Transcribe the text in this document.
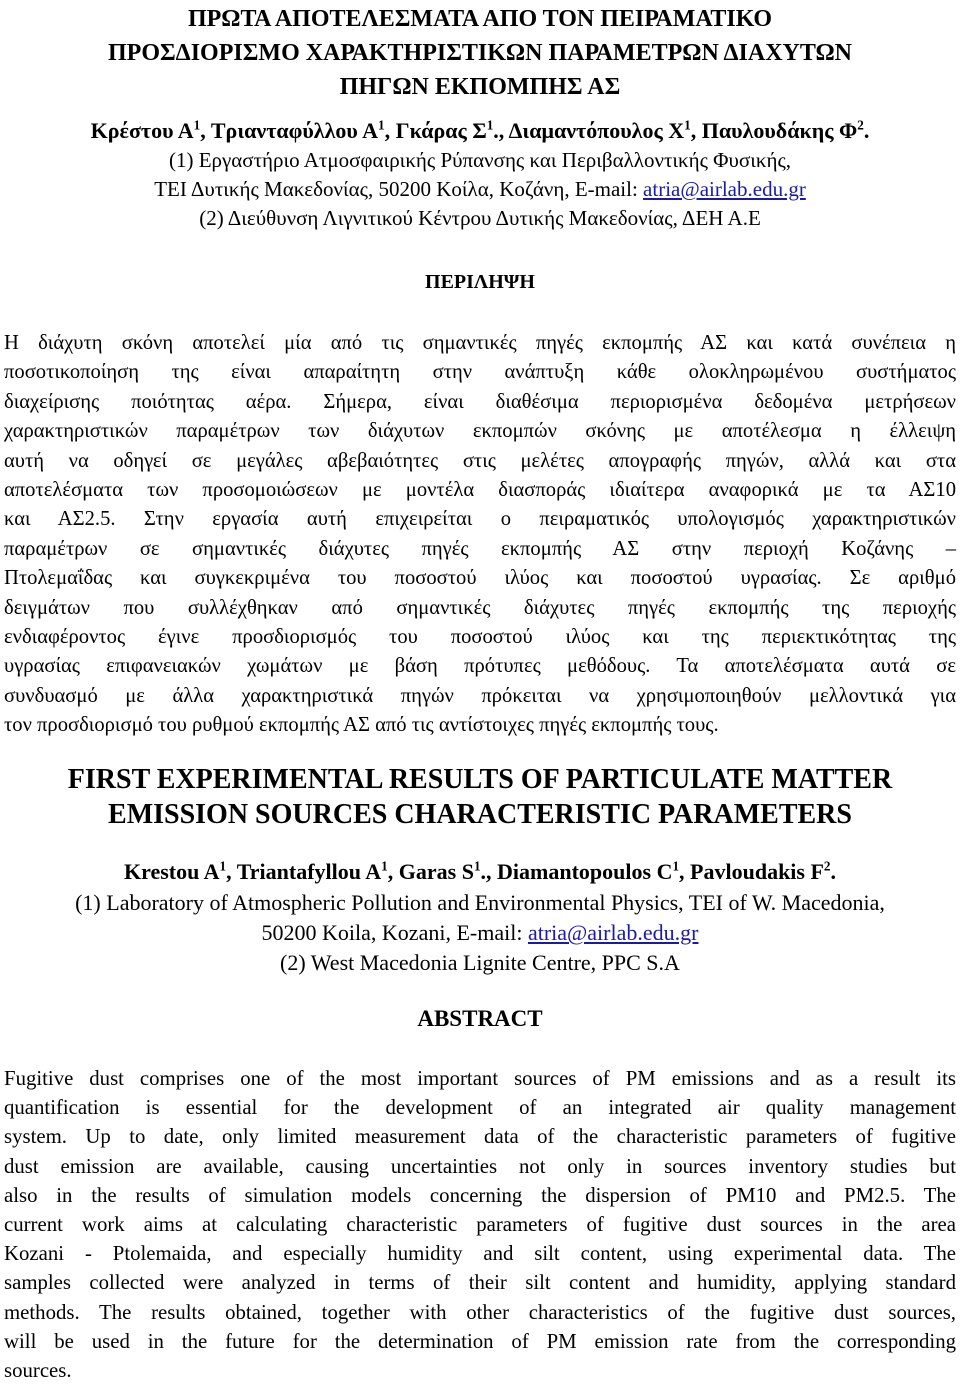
ΠΡΩΤΑ ΑΠΟΤΕΛΕΣΜΑΤΑ ΑΠΟ ΤΟΝ ΠΕΙΡΑΜΑΤΙΚΟ
ΠΡΟΣΔΙΟΡΙΣΜΟ ΧΑΡΑΚΤΗΡΙΣΤΙΚΩΝ ΠΑΡΑΜΕΤΡΩΝ ΔΙΑΧΥΤΩΝ
ΠΗΓΩΝ ΕΚΠΟΜΠΗΣ ΑΣ
Κρέστου $A^1$, Τριανταφύλλου $A^1$, Γκάρας $\Sigma^1$., Διαμαντόπουλος $X^1$, Παυλουδάκης $\Phi^2$.
(1) Εργαστήριο Ατμοσφαιρικής Ρύπανσης και Περιβαλλοντικής Φυσικής,
ΤΕΙ Δυτικής Μακεδονίας, 50200 Κοίλα, Κοζάνη, E-mail: atria@airlab.edu.gr
(2) Διεύθυνση Λιγνιτικού Κέντρου Δυτικής Μακεδονίας, ΔΕΗ Α.Ε
ΠΕΡΙΛΗΨΗ
Η διάχυτη σκόνη αποτελεί μία από τις σημαντικές πηγές εκπομπής ΑΣ και κατά συνέπεια η
ποσοτικοποίηση της είναι απαραίτητη στην ανάπτυξη κάθε ολοκληρωμένου συστήματος
διαχείρισης ποιότητας αέρα. Σήμερα, είναι διαθέσιμα περιορισμένα δεδομένα μετρήσεων
χαρακτηριστικών παραμέτρων των διάχυτων εκπομπών σκόνης με αποτέλεσμα η έλλειψη
αυτή να οδηγεί σε μεγάλες αβεβαιότητες στις μελέτες απογραφής πηγών, αλλά και στα
αποτελέσματα των προσομοιώσεων με μοντέλα διασποράς ιδιαίτερα αναφορικά με τα ΑΣ10
και ΑΣ2.5. Στην εργασία αυτή επιχειρείται ο πειραματικός υπολογισμός χαρακτηριστικών
παραμέτρων σε σημαντικές διάχυτες πηγές εκπομπής ΑΣ στην περιοχή Κοζάνης –
Πτολεμαΐδας και συγκεκριμένα του ποσοστού ιλύος και ποσοστού υγρασίας. Σε αριθμό
δειγμάτων που συλλέχθηκαν από σημαντικές διάχυτες πηγές εκπομπής της περιοχής
ενδιαφέροντος έγινε προσδιορισμός του ποσοστού ιλύος και της περιεκτικότητας της
υγρασίας επιφανειακών χωμάτων με βάση πρότυπες μεθόδους. Τα αποτελέσματα αυτά σε
συνδυασμό με άλλα χαρακτηριστικά πηγών πρόκειται να χρησιμοποιηθούν μελλοντικά για
τον προσδιορισμό του ρυθμού εκπομπής ΑΣ από τις αντίστοιχες πηγές εκπομπής τους.
FIRST EXPERIMENTAL RESULTS OF PARTICULATE MATTER
EMISSION SOURCES CHARACTERISTIC PARAMETERS
Krestou $A^1$, Triantafyllou $A^1$, Garas $S^1$., Diamantopoulos $C^1$, Pavloudakis $F^2$.
(1) Laboratory of Atmospheric Pollution and Environmental Physics, TEI of W. Macedonia,
50200 Koila, Kozani, E-mail: atria@airlab.edu.gr
(2) West Macedonia Lignite Centre, PPC S.A
ABSTRACT
Fugitive dust comprises one of the most important sources of PM emissions and as a result its
quantification is essential for the development of an integrated air quality management
system. Up to date, only limited measurement data of the characteristic parameters of fugitive
dust emission are available, causing uncertainties not only in sources inventory studies but
also in the results of simulation models concerning the dispersion of PM10 and PM2.5. The
current work aims at calculating characteristic parameters of fugitive dust sources in the area
Kozani - Ptolemaida, and especially humidity and silt content, using experimental data. The
samples collected were analyzed in terms of their silt content and humidity, applying standard
methods. The results obtained, together with other characteristics of the fugitive dust sources,
will be used in the future for the determination of PM emission rate from the corresponding
sources.
